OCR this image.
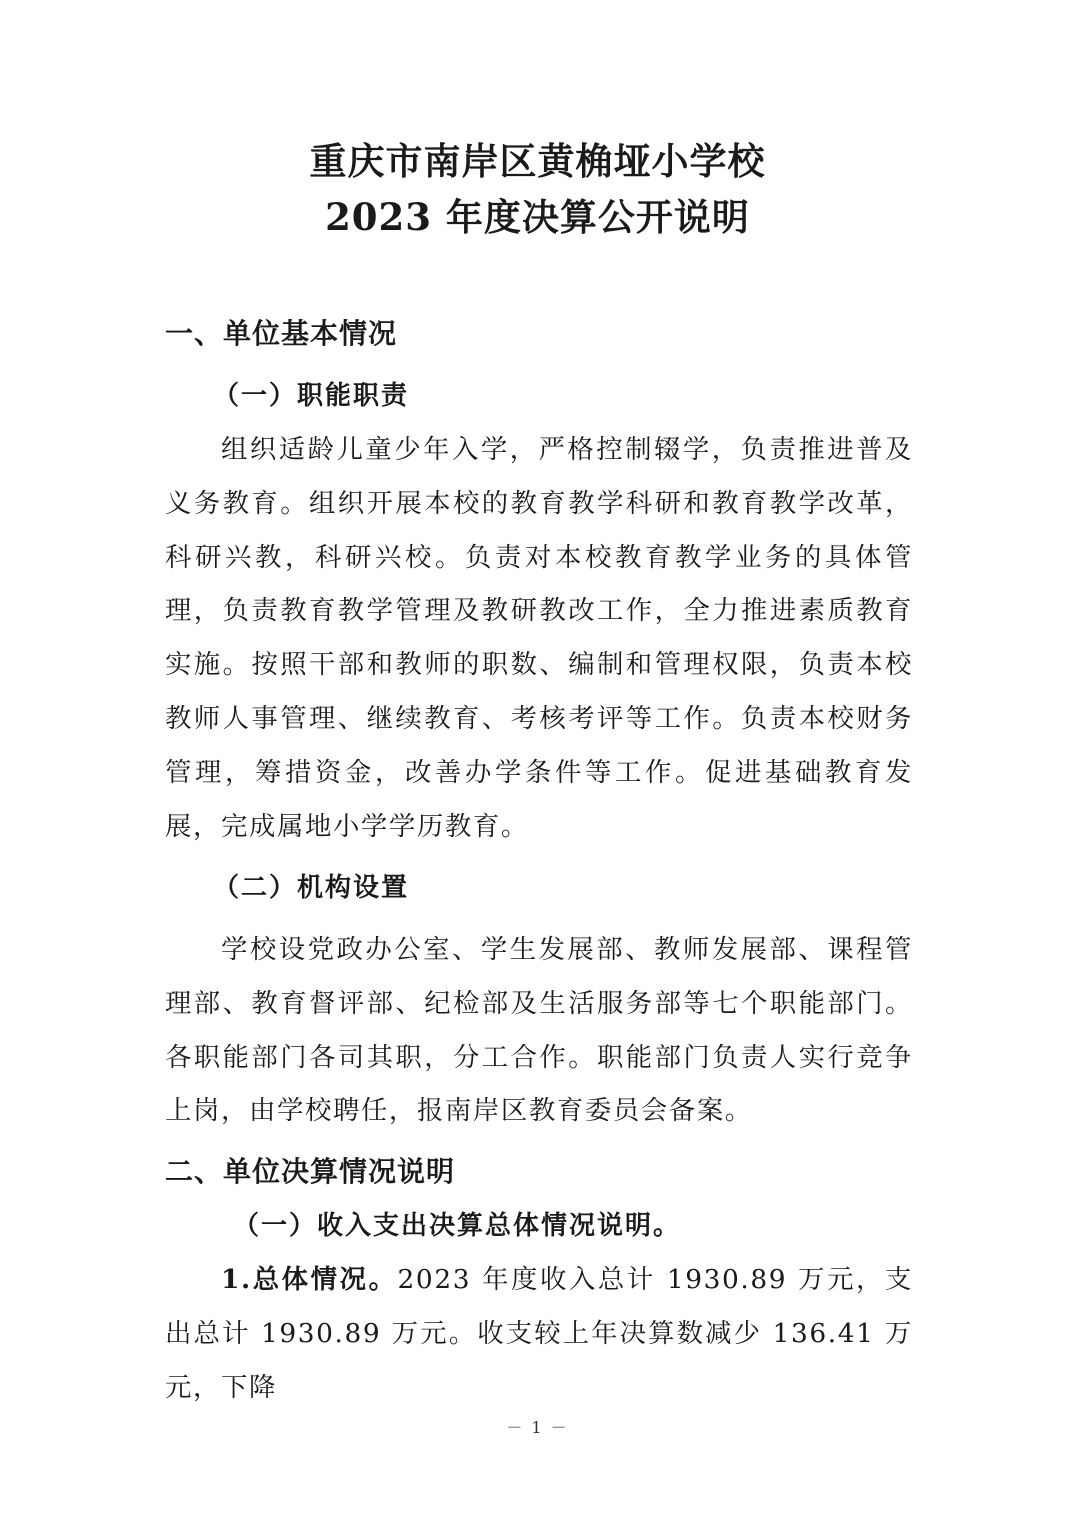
重庆市南岸区黄桷垭小学校
2023 年度决算公开说明
一、单位基本情况
（一）职能职责

组织适龄儿童少年入学，严格控制辍学，负责推进普及义务教育。组织开展本校的教育教学科研和教育教学改革，科研兴教，科研兴校。负责对本校教育教学业务的具体管理，负责教育教学管理及教研教改工作，全力推进素质教育实施。按照干部和教师的职数、编制和管理权限，负责本校教师人事管理、继续教育、考核考评等工作。负责本校财务管理，筹措资金，改善办学条件等工作。促进基础教育发展，完成属地小学学历教育。

（二）机构设置

学校设党政办公室、学生发展部、教师发展部、课程管理部、教育督评部、纪检部及生活服务部等七个职能部门。各职能部门各司其职，分工合作。职能部门负责人实行竞争上岗，由学校聘任，报南岸区教育委员会备案。

二、单位决算情况说明
（一）收入支出决算总体情况说明。

1.总体情况。2023 年度收入总计 1930.89 万元，支出总计 1930.89 万元。收支较上年决算数减少 136.41 万元，下降

－ 1 －
